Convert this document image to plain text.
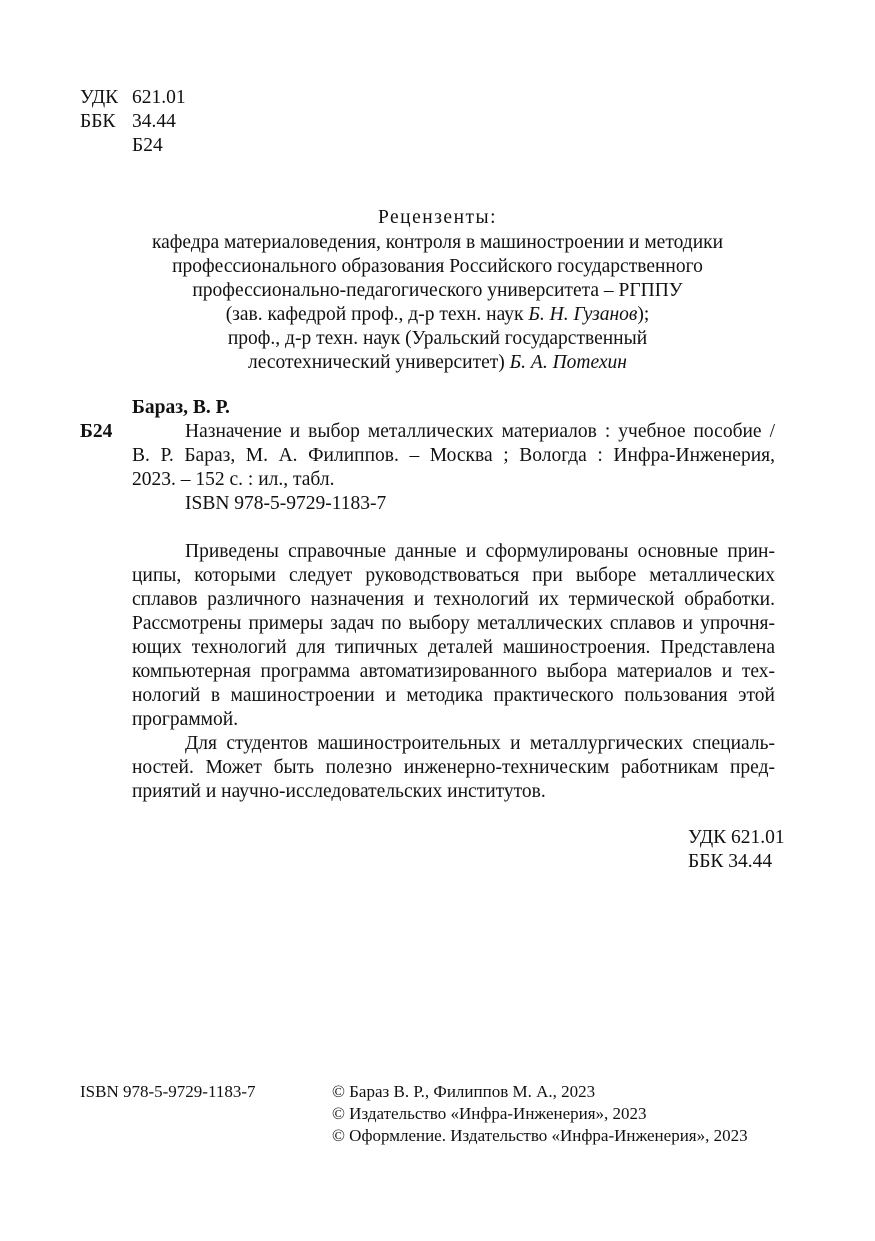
УДК 621.01
ББК 34.44
Б24
Рецензенты:
кафедра материаловедения, контроля в машиностроении и методики
профессионального образования Российского государственного
профессионально-педагогического университета – РГППУ
(зав. кафедрой проф., д-р техн. наук Б. Н. Гузанов);
проф., д-р техн. наук (Уральский государственный
лесотехнический университет) Б. А. Потехин
Бараз, В. Р.
Б24	Назначение и выбор металлических материалов : учебное пособие /
В. Р. Бараз, М. А. Филиппов. – Москва ; Вологда : Инфра-Инженерия,
2023. – 152 с. : ил., табл.
ISBN 978-5-9729-1183-7
Приведены справочные данные и сформулированы основные прин-
ципы, которыми следует руководствоваться при выборе металлических
сплавов различного назначения и технологий их термической обработки.
Рассмотрены примеры задач по выбору металлических сплавов и упрочня-
ющих технологий для типичных деталей машиностроения. Представлена
компьютерная программа автоматизированного выбора материалов и тех-
нологий в машиностроении и методика практического пользования этой
программой.
Для студентов машиностроительных и металлургических специаль-
ностей. Может быть полезно инженерно-техническим работникам пред-
приятий и научно-исследовательских институтов.
УДК 621.01
ББК 34.44
ISBN 978-5-9729-1183-7	© Бараз В. Р., Филиппов М. А., 2023
© Издательство «Инфра-Инженерия», 2023
© Оформление. Издательство «Инфра-Инженерия», 2023
